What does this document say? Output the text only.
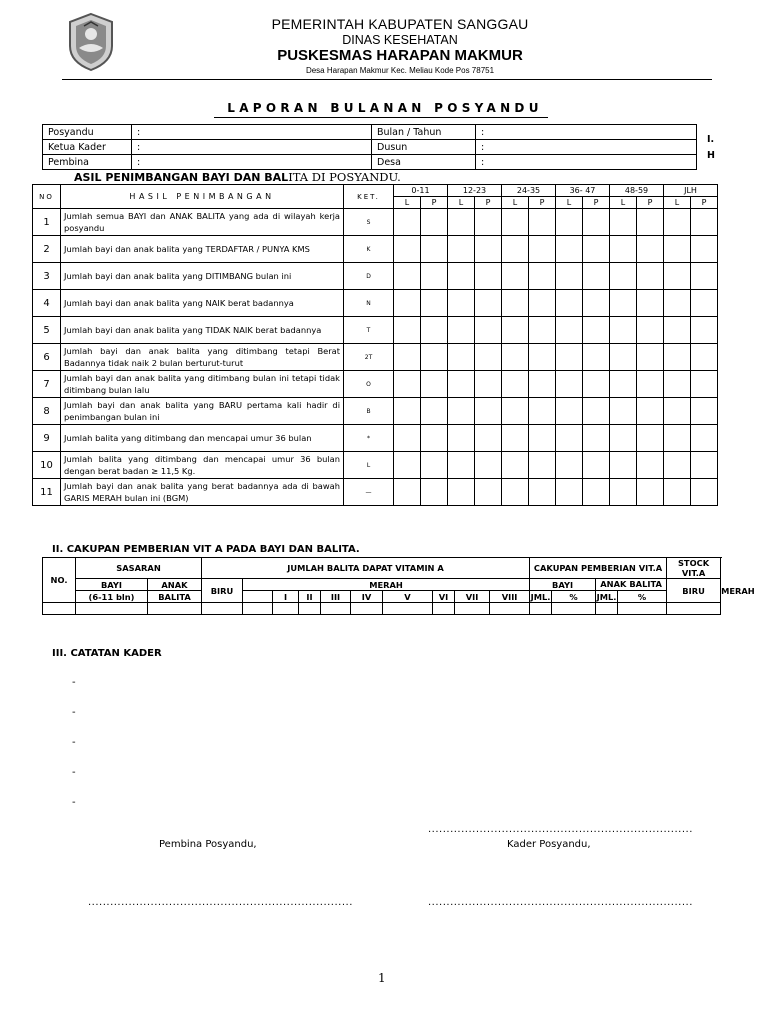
PEMERINTAH KABUPATEN SANGGAU
DINAS KESEHATAN
PUSKESMAS HARAPAN MAKMUR
Desa Harapan Makmur Kec. Meliau Kode Pos 78751
LAPORAN BULANAN POSYANDU
Posyandu	:	Bulan / Tahun	:
Ketua Kader	:	Dusun	:
Pembina	:	Desa	:
I.
H
ASIL PENIMBANGAN BAYI DAN BALITA DI POSYANDU.
NO	HASIL PENIMBANGAN	KET.	0-11		12-23		24-35		36- 47		48-59		JLH	
			L	P	L	P	L	P	L	P	L	P	L	P
1	Jumlah semua BAYI dan ANAK BALITA yang ada di wilayah kerja posyandu	S												
2	Jumlah bayi dan anak balita yang TERDAFTAR / PUNYA KMS	K												
3	Jumlah bayi dan anak balita yang DITIMBANG bulan ini	D												
4	Jumlah bayi dan anak balita yang NAIK berat badannya	N												
5	Jumlah bayi dan anak balita yang TIDAK NAIK berat badannya	T												
6	Jumlah bayi dan anak balita yang ditimbang tetapi Berat Badannya tidak naik 2 bulan berturut-turut	2T												
7	Jumlah bayi dan anak balita yang ditimbang bulan ini tetapi tidak ditimbang bulan lalu	O												
8	Jumlah bayi dan anak balita yang BARU pertama kali hadir di penimbangan bulan ini	B												
9	Jumlah balita yang ditimbang dan mencapai umur 36 bulan	*												
10	Jumlah balita yang ditimbang dan mencapai umur 36 bulan dengan berat badan ≥ 11,5 Kg.	L												
11	Jumlah bayi dan anak balita yang berat badannya ada di bawah GARIS MERAH bulan ini (BGM)	—												
II. CAKUPAN PEMBERIAN VIT A PADA BAYI DAN BALITA.
NO.	SASARAN		JUMLAH BALITA DAPAT VITAMIN A										CAKUPAN PEMBERIAN VIT.A				STOCK VIT.A	
	BAYI	ANAK	BIRU	MERAH									BAYI		ANAK BALITA		BIRU	MERAH
	(6-11 bln)	BALITA			I	II	III	IV	V	VI	VII	VIII	JML.	%	JML.	%		

III. CATATAN KADER
-
-
-
-
-
........................................................................
Pembina Posyandu,	Kader Posyandu,
........................................................................	........................................................................
1
